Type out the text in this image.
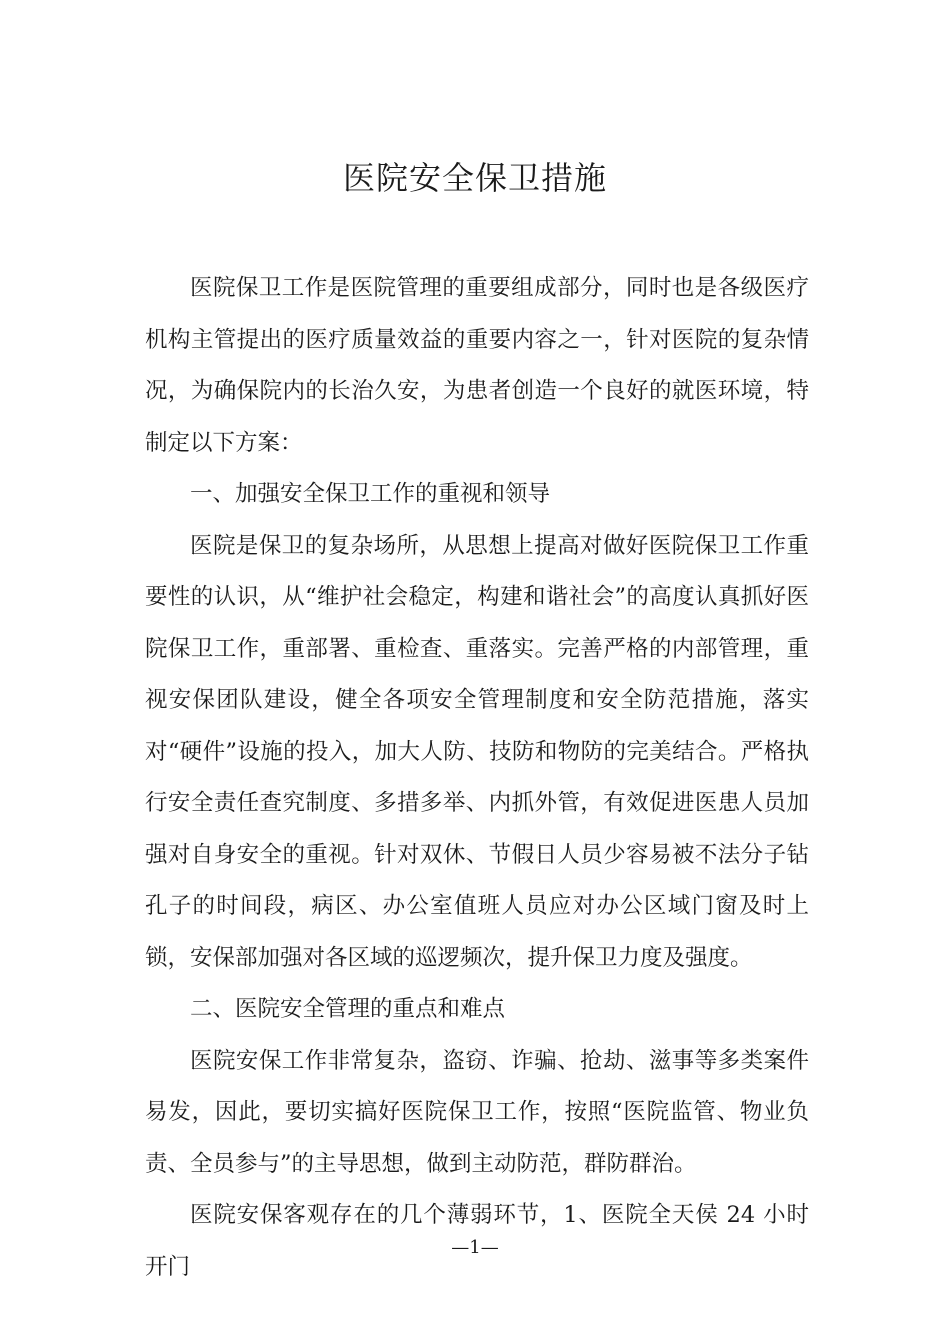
医院安全保卫措施

医院保卫工作是医院管理的重要组成部分，同时也是各级医疗机构主管提出的医疗质量效益的重要内容之一，针对医院的复杂情况，为确保院内的长治久安，为患者创造一个良好的就医环境，特制定以下方案：

一、加强安全保卫工作的重视和领导

医院是保卫的复杂场所，从思想上提高对做好医院保卫工作重要性的认识，从“维护社会稳定，构建和谐社会”的高度认真抓好医院保卫工作，重部署、重检查、重落实。完善严格的内部管理，重视安保团队建设，健全各项安全管理制度和安全防范措施，落实对“硬件”设施的投入，加大人防、技防和物防的完美结合。严格执行安全责任查究制度、多措多举、内抓外管，有效促进医患人员加强对自身安全的重视。针对双休、节假日人员少容易被不法分子钻孔子的时间段，病区、办公室值班人员应对办公区域门窗及时上锁，安保部加强对各区域的巡逻频次，提升保卫力度及强度。

二、医院安全管理的重点和难点

医院安保工作非常复杂，盗窃、诈骗、抢劫、滋事等多类案件易发，因此，要切实搞好医院保卫工作，按照“医院监管、物业负责、全员参与”的主导思想，做到主动防范，群防群治。

医院安保客观存在的几个薄弱环节，1、医院全天侯 24 小时开门

—1—
